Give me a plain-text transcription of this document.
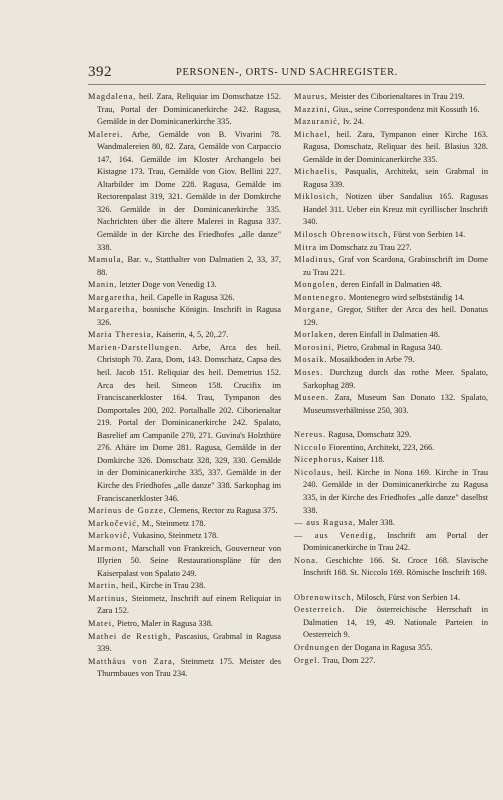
392	PERSONEN-, ORTS- UND SACHREGISTER.

Magdalena, heil. Zara, Reliquiar im Domschatze 152. Trau, Portal der Dominicanerkirche 242. Ragusa, Gemälde in der Dominicanerkirche 335.

Malerei. Arbe, Gemälde von B. Vivarini 78. Wandmalereien 80, 82. Zara, Gemälde von Carpaccio 147, 164. Gemälde im Kloster Archangelo bei Kistagne 173. Trau, Gemälde von Giov. Bellini 227. Altarbilder im Dome 228. Ragusa, Gemälde im Rectorenpalast 319, 321. Gemälde in der Domkirche 326. Gemälde in der Dominicanerkirche 335. Nachrichten über die ältere Malerei in Ragusa 337. Gemälde in der Kirche des Friedhofes „alle danze" 338.

Mamula, Bar. v., Statthalter von Dalmatien 2, 33, 37, 88.

Manin, letzter Doge von Venedig 13.

Margaretha, heil. Capelle in Ragusa 326.

Margaretha, bosnische Königin. Inschrift in Ragusa 326.

Maria Theresia, Kaiserin, 4, 5, 20,.27.

Marien-Darstellungen. Arbe, Arca des heil. Christoph 70. Zara, Dom, 143. Domschatz, Capsa des heil. Jacob 151. Reliquiar des heil. Demetrius 152. Arca des heil. Simeon 158. Crucifix im Franciscanerkloster 164. Trau, Tympanon des Domportales 200, 202. Portalhalle 202. Ciborienaltar 219. Portal der Dominicanerkirche 242. Spalato, Basrelief am Campanile 270, 271. Guvina's Holzthüre 276. Altäre im Dome 281. Ragusa, Gemälde in der Domkirche 326. Domschatz 328, 329, 330. Gemälde in der Dominicanerkirche 335, 337. Gemälde in der Kirche des Friedhofes „alle danze" 338. Sarkophag im Franciscanerkloster 346.

Marinus de Gozze, Clemens, Rector zu Ragusa 375.

Markočević, M., Steinmetz 178.

Markovič, Vukasino, Steinmetz 178.

Marmont, Marschall von Frankreich, Gouverneur von Illyrien 50. Seine Restaurationspläne für den Kaiserpalast von Spalato 249.

Martin, heil., Kirche in Trau 238.

Martinus, Steinmetz, Inschrift auf einem Reliquiar in Zara 152.

Matei, Pietro, Maler in Ragusa 338.

Mathei de Restigh, Pascasius, Grabmal in Ragusa 339.

Matthäus von Zara, Steinmetz 175. Meister des Thurmbaues von Trau 234.

Maurus, Meister des Ciborienaltares in Trau 219.

Mazzini, Gius., seine Correspondenz mit Kossuth 16.

Mazuranić, Iv. 24.

Michael, heil. Zara, Tympanon einer Kirche 163. Ragusa, Domschatz, Reliquar des heil. Blasius 328. Gemälde in der Dominicanerkirche 335.

Michaelis, Pasqualis, Architekt, sein Grabmal in Ragusa 339.

Miklosich, Notizen über Sandalius 165. Ragusas Handel 311. Ueber ein Kreuz mit cyrillischer Inschrift 340.

Milosch Obrenowitsch, Fürst von Serbien 14.

Mitra im Domschatz zu Trau 227.

Mladinus, Graf von Scardona, Grabinschrift im Dome zu Trau 221.

Mongolen, deren Einfall in Dalmatien 48.

Montenegro. Montenegro wird selbstständig 14.

Morgane, Gregor, Stifter der Arca des heil. Donatus 129.

Morlaken, deren Einfall in Dalmatien 48.

Morosini, Pietro, Grabmal in Ragusa 340.

Mosaik. Mosaikboden in Arbe 79.

Moses. Durchzug durch das rothe Meer. Spalato, Sarkophag 289.

Museen. Zara, Museum San Donato 132. Spalato, Museumsverhältnisse 250, 303.

Nereus. Ragusa, Domschatz 329.

Niccolo Fiorentino, Architekt, 223, 266.

Nicephorus, Kaiser 118.

Nicolaus, heil. Kirche in Nona 169. Kirche in Trau 240. Gemälde in der Dominicanerkirche zu Ragusa 335, in der Kirche des Friedhofes „alle danze" daselbst 338.

— aus Ragusa, Maler 338.

— aus Venedig, Inschrift am Portal der Dominicanerkirche in Trau 242.

Nona. Geschichte 166. St. Croce 168. Slavische Inschrift 168. St. Niccolo 169. Römische Inschrift 169.

Obrenowitsch, Milosch, Fürst von Serbien 14.

Oesterreich. Die österreichische Herrschaft in Dalmatien 14, 19, 49. Nationale Parteien in Oesterreich 9.

Ordnungen der Dogana in Ragusa 355.

Orgel. Trau, Dom 227.
